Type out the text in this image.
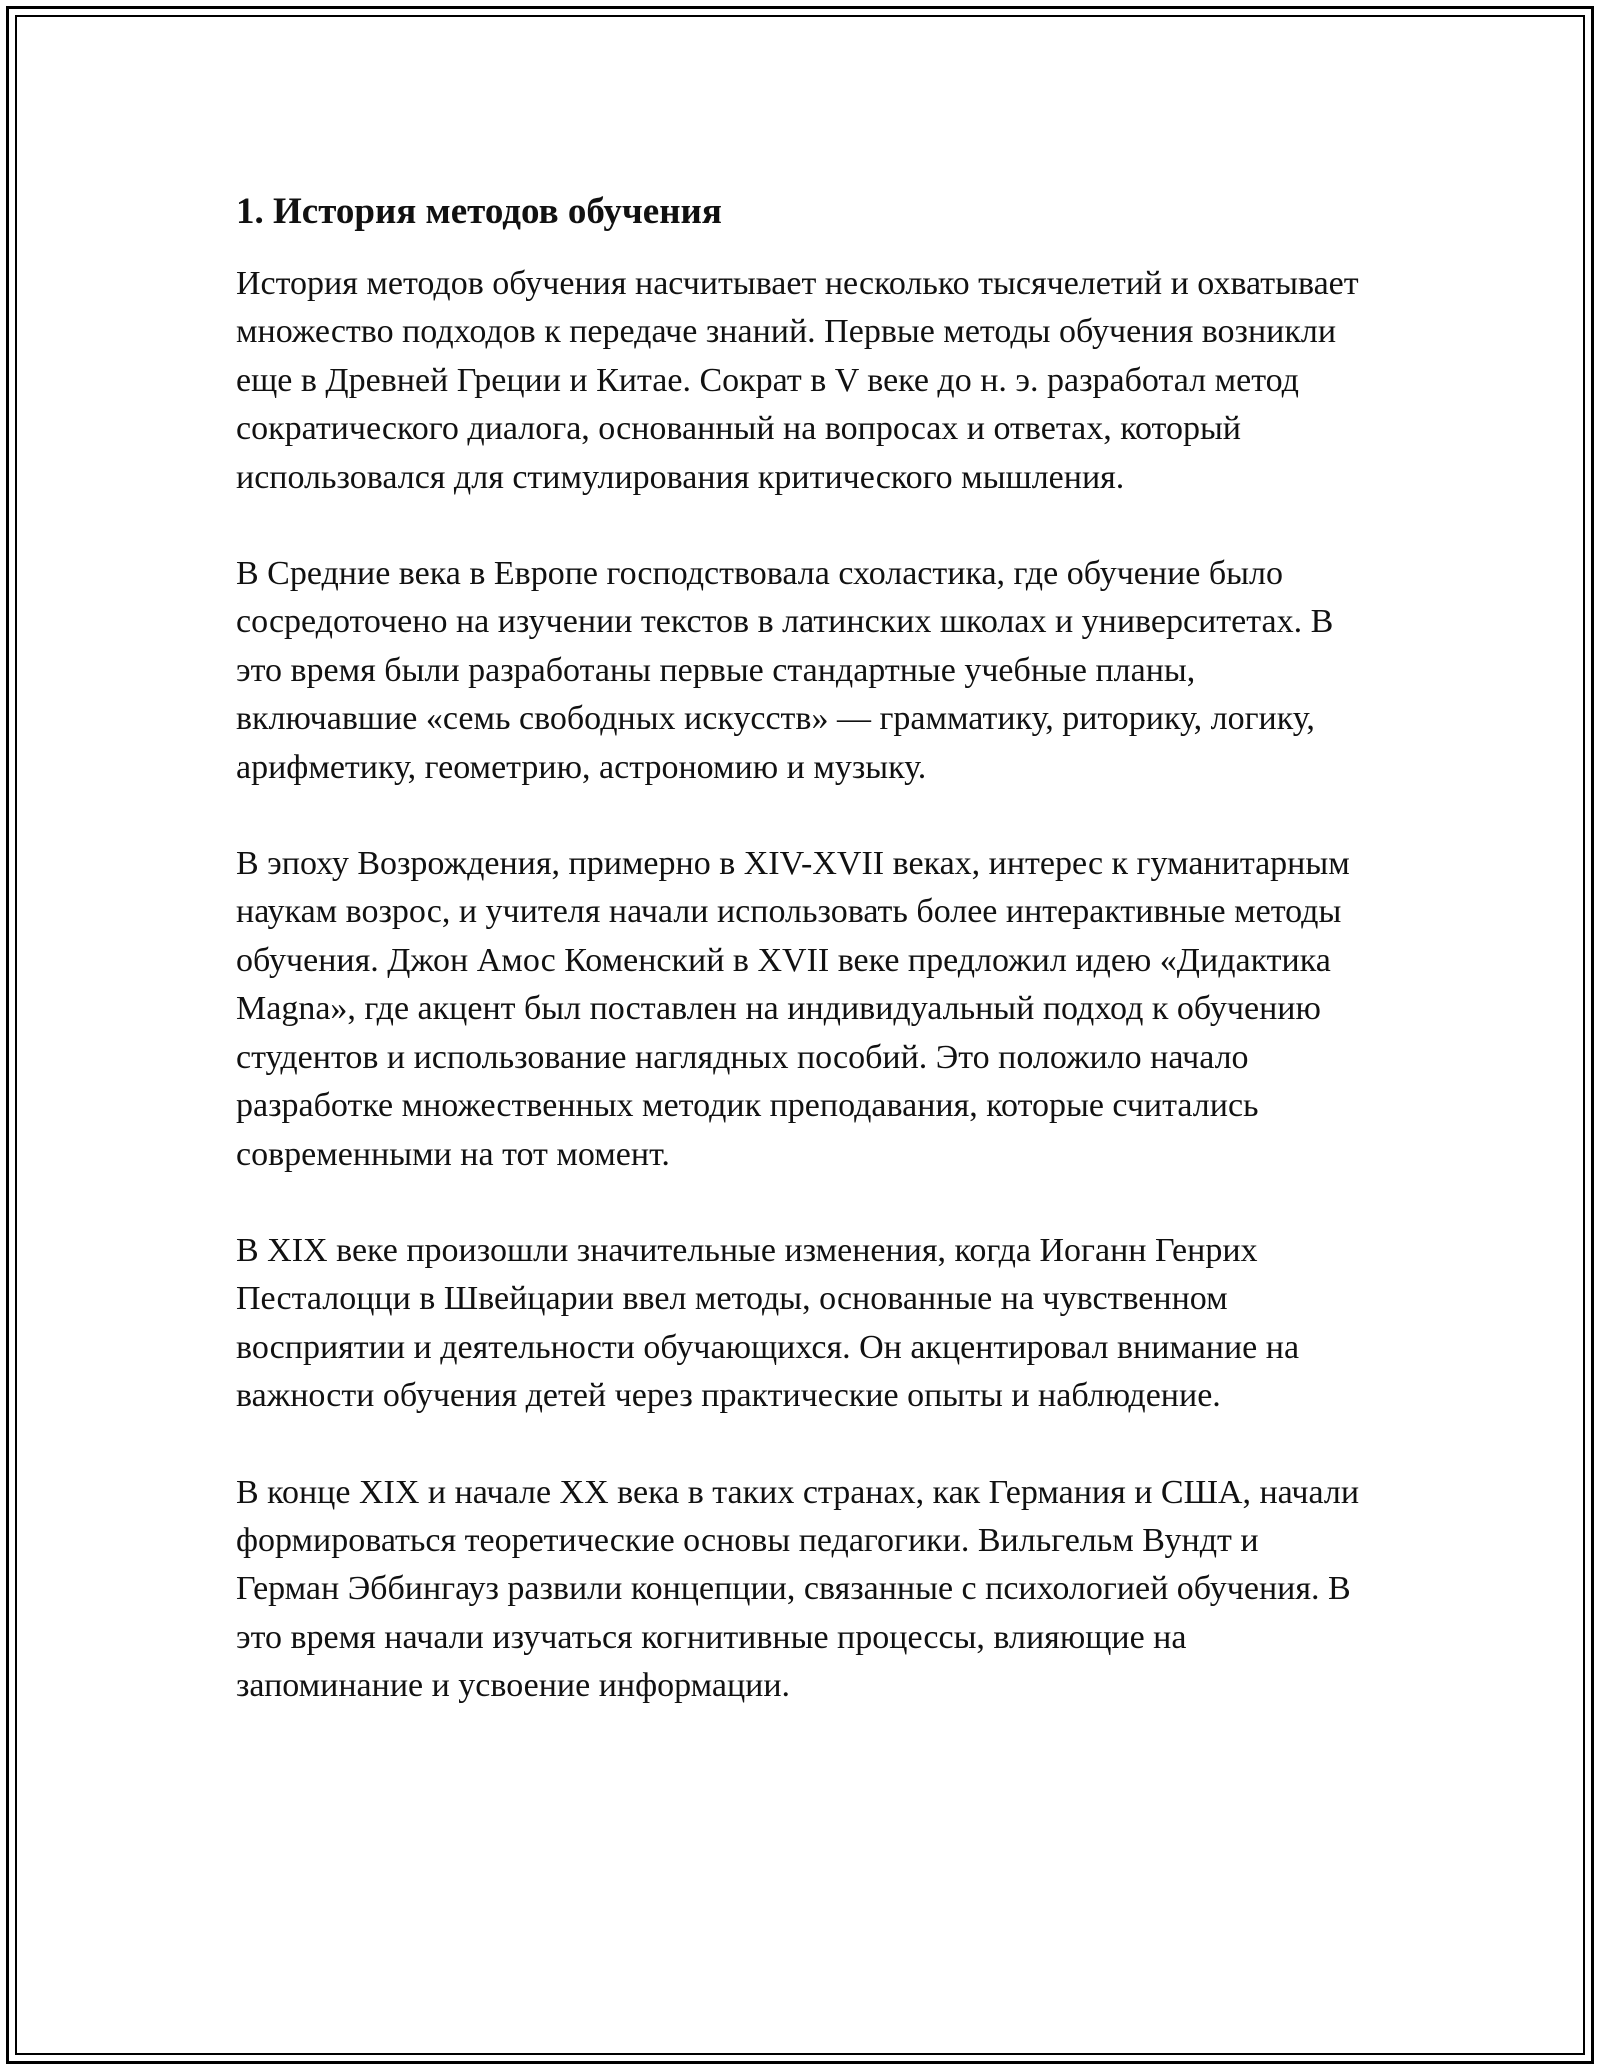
1. История методов обучения

История методов обучения насчитывает несколько тысячелетий и охватывает множество подходов к передаче знаний. Первые методы обучения возникли еще в Древней Греции и Китае. Сократ в V веке до н. э. разработал метод сократического диалога, основанный на вопросах и ответах, который использовался для стимулирования критического мышления.

В Средние века в Европе господствовала схоластика, где обучение было сосредоточено на изучении текстов в латинских школах и университетах. В это время были разработаны первые стандартные учебные планы, включавшие «семь свободных искусств» — грамматику, риторику, логику, арифметику, геометрию, астрономию и музыку.

В эпоху Возрождения, примерно в XIV-XVII веках, интерес к гуманитарным наукам возрос, и учителя начали использовать более интерактивные методы обучения. Джон Амос Коменский в XVII веке предложил идею «Дидактика Magna», где акцент был поставлен на индивидуальный подход к обучению студентов и использование наглядных пособий. Это положило начало разработке множественных методик преподавания, которые считались современными на тот момент.

В XIX веке произошли значительные изменения, когда Иоганн Генрих Песталоцци в Швейцарии ввел методы, основанные на чувственном восприятии и деятельности обучающихся. Он акцентировал внимание на важности обучения детей через практические опыты и наблюдение.

В конце XIX и начале XX века в таких странах, как Германия и США, начали формироваться теоретические основы педагогики. Вильгельм Вундт и Герман Эббингауз развили концепции, связанные с психологией обучения. В это время начали изучаться когнитивные процессы, влияющие на запоминание и усвоение информации.
